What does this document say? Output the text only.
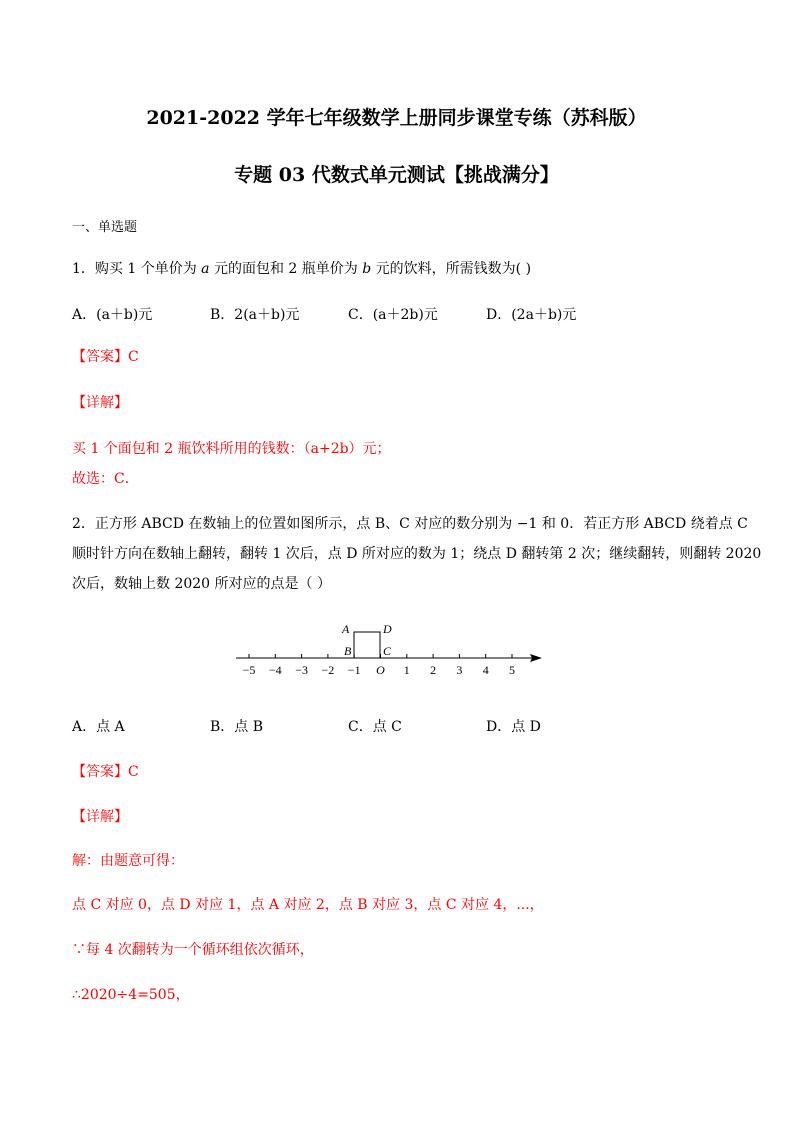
2021-2022 学年七年级数学上册同步课堂专练（苏科版）
专题 03 代数式单元测试【挑战满分】
一、单选题
1．购买 1 个单价为 a 元的面包和 2 瓶单价为 b 元的饮料，所需钱数为( )
A．(a＋b)元	B．2(a＋b)元	C．(a＋2b)元	D．(2a＋b)元
【答案】C
【详解】
买 1 个面包和 2 瓶饮料所用的钱数：（a+2b）元；
故选：C．
2．正方形 ABCD 在数轴上的位置如图所示，点 B、C 对应的数分别为 −1 和 0．若正方形 ABCD 绕着点 C
顺时针方向在数轴上翻转，翻转 1 次后，点 D 所对应的数为 1；绕点 D 翻转第 2 次；继续翻转，则翻转 2020
次后，数轴上数 2020 所对应的点是（ ）
A	D
B	C
−5 −4 −3 −2 −1 O 1 2 3 4 5
A．点 A	B．点 B	C．点 C	D．点 D
【答案】C
【详解】
解：由题意可得：
点 C 对应 0，点 D 对应 1，点 A 对应 2，点 B 对应 3，点 C 对应 4，...，
∵每 4 次翻转为一个循环组依次循环，
∴2020÷4=505，
